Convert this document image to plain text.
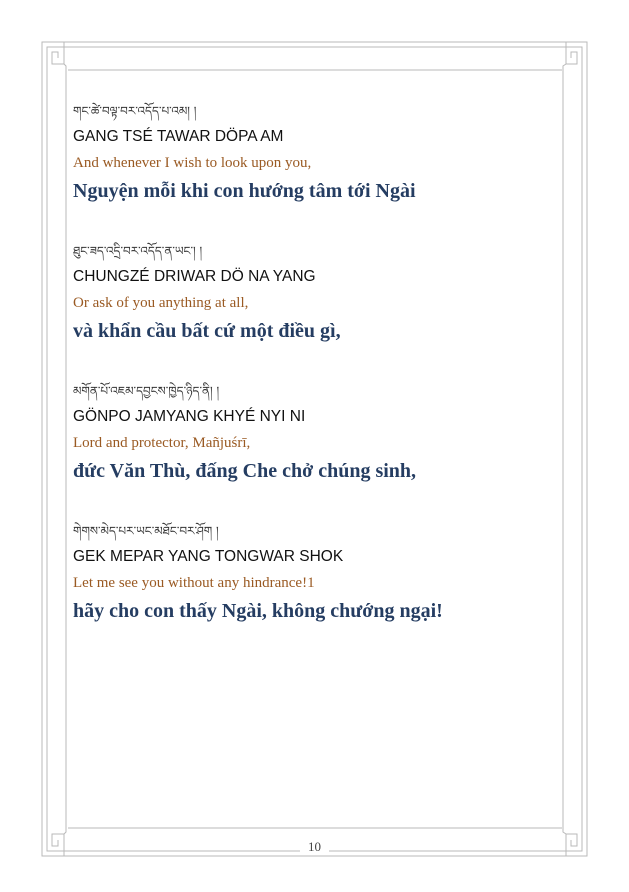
གང་ཚེ་བལྟ་བར་འདོད་པ་འམ། །
GANG TSÉ TAWAR DÖPA AM
And whenever I wish to look upon you,
Nguyện mỗi khi con hướng tâm tới Ngài
ཐུང་ཟད་འདྲི་བར་འདོད་ན་ཡང་། །
CHUNGZÉ DRIWAR DÖ NA YANG
Or ask of you anything at all,
và khẩn cầu bất cứ một điều gì,
མགོན་པོ་འཇམ་དབྱངས་ཁྱེད་ཉིད་ནི། །
GÖNPO JAMYANG KHYÉ NYI NI
Lord and protector, Mañjuśrī,
đức Văn Thù, đấng Che chở chúng sinh,
གེགས་མེད་པར་ཡང་མཐོང་བར་ཤོག །
GEK MEPAR YANG TONGWAR SHOK
Let me see you without any hindrance!1
hãy cho con thấy Ngài, không chướng ngại!
10
